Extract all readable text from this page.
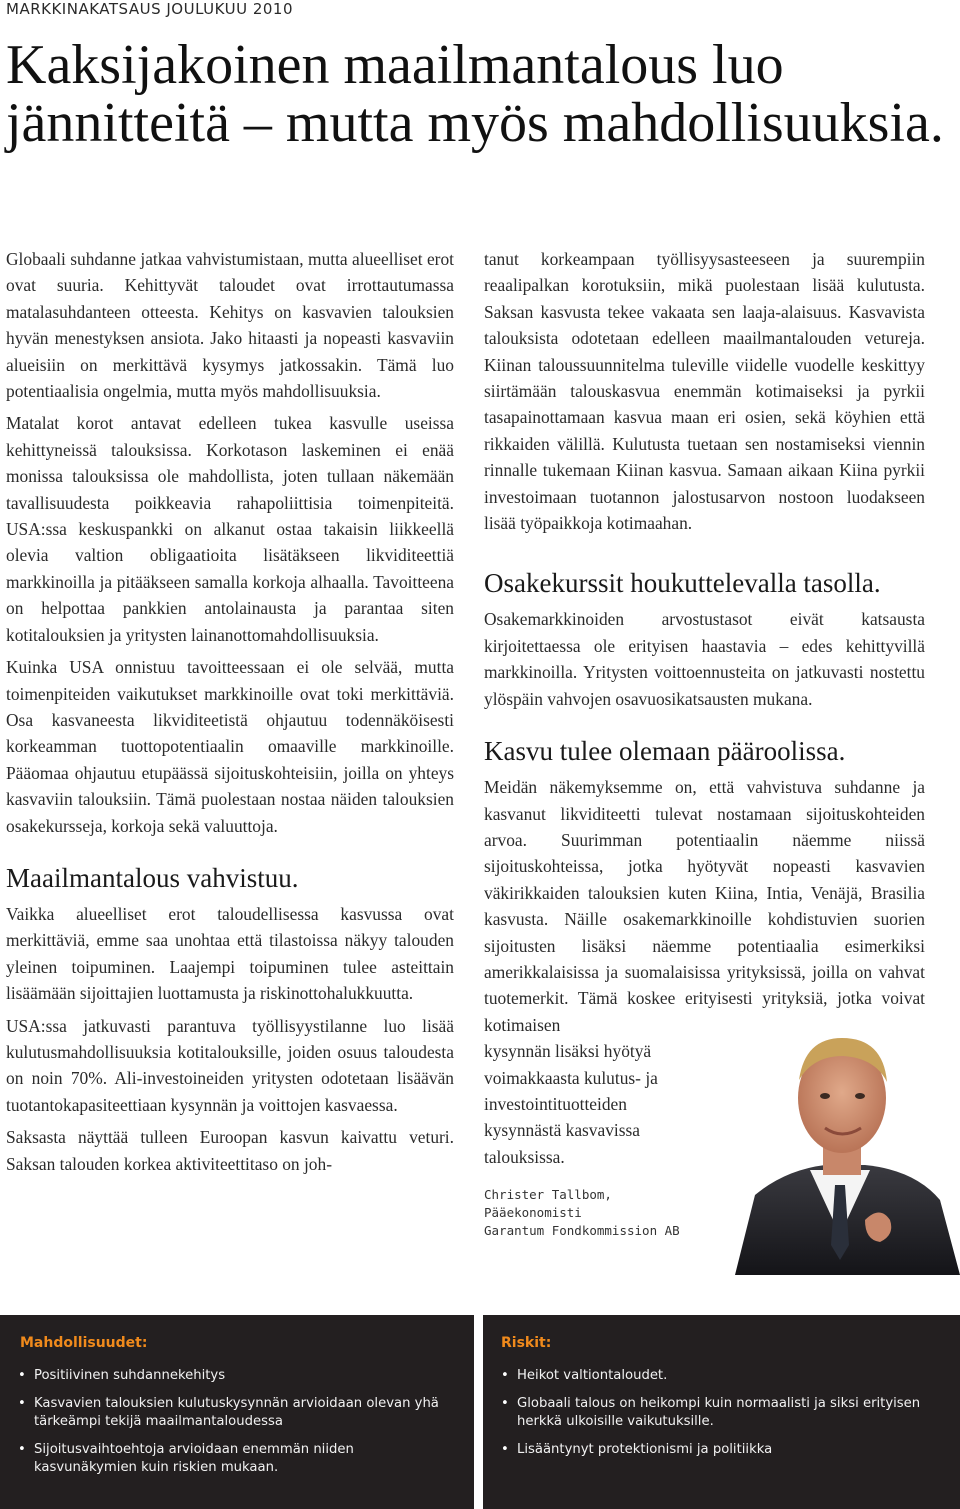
MARKKINAKATSAUS JOULUKUU 2010
Kaksijakoinen maailmantalous luo jännitteitä – mutta myös mahdollisuuksia.

Globaali suhdanne jatkaa vahvistumistaan, mutta alueelliset erot ovat suuria. Kehittyvät taloudet ovat irrottautumassa matalasuhdanteen otteesta. Kehitys on kasvavien talouksien hyvän menestyksen ansiota. Jako hitaasti ja nopeasti kasvaviin alueisiin on merkittävä kysymys jatkossakin. Tämä luo potentiaalisia ongelmia, mutta myös mahdollisuuksia.

Matalat korot antavat edelleen tukea kasvulle useissa kehittyneissä talouksissa. Korkotason laskeminen ei enää monissa talouksissa ole mahdollista, joten tullaan näkemään tavallisuudesta poikkeavia rahapoliittisia toimenpiteitä. USA:ssa keskuspankki on alkanut ostaa takaisin liikkeellä olevia valtion obligaatioita lisätäkseen likviditeettiä markkinoilla ja pitääkseen samalla korkoja alhaalla. Tavoitteena on helpottaa pankkien antolainausta ja parantaa siten kotitalouksien ja yritysten lainanottomahdollisuuksia.

Kuinka USA onnistuu tavoitteessaan ei ole selvää, mutta toimenpiteiden vaikutukset markkinoille ovat toki merkittäviä. Osa kasvaneesta likviditeetistä ohjautuu todennäköisesti korkeamman tuottopotentiaalin omaaville markkinoille. Pääomaa ohjautuu etupäässä sijoituskohteisiin, joilla on yhteys kasvaviin talouksiin. Tämä puolestaan nostaa näiden talouksien osakekursseja, korkoja sekä valuuttoja.

Maailmantalous vahvistuu.

Vaikka alueelliset erot taloudellisessa kasvussa ovat merkittäviä, emme saa unohtaa että tilastoissa näkyy talouden yleinen toipuminen. Laajempi toipuminen tulee asteittain lisäämään sijoittajien luottamusta ja riskinottohalukkuutta.

USA:ssa jatkuvasti parantuva työllisyystilanne luo lisää kulutusmahdollisuuksia kotitalouksille, joiden osuus taloudesta on noin 70%. Ali-investoineiden yritysten odotetaan lisäävän tuotantokapasiteettiaan kysynnän ja voittojen kasvaessa.

Saksasta näyttää tulleen Euroopan kasvun kaivattu veturi. Saksan talouden korkea aktiviteettitaso on joh-

tanut korkeampaan työllisyysasteeseen ja suurempiin reaalipalkan korotuksiin, mikä puolestaan lisää kulutusta. Saksan kasvusta tekee vakaata sen laaja-alaisuus. Kasvavista talouksista odotetaan edelleen maailmantalouden vetureja. Kiinan taloussuunnitelma tuleville viidelle vuodelle keskittyy siirtämään talouskasvua enemmän kotimaiseksi ja pyrkii tasapainottamaan kasvua maan eri osien, sekä köyhien että rikkaiden välillä. Kulutusta tuetaan sen nostamiseksi viennin rinnalle tukemaan Kiinan kasvua. Samaan aikaan Kiina pyrkii investoimaan tuotannon jalostusarvon nostoon luodakseen lisää työpaikkoja kotimaahan.

Osakekurssit houkuttelevalla tasolla.

Osakemarkkinoiden arvostustasot eivät katsausta kirjoitettaessa ole erityisen haastavia – edes kehittyvillä markkinoilla. Yritysten voittoennusteita on jatkuvasti nostettu ylöspäin vahvojen osavuosikatsausten mukana.

Kasvu tulee olemaan pääroolissa.

Meidän näkemyksemme on, että vahvistuva suhdanne ja kasvanut likviditeetti tulevat nostamaan sijoituskohteiden arvoa. Suurimman potentiaalin näemme niissä sijoituskohteissa, jotka hyötyvät nopeasti kasvavien väkirikkaiden talouksien kuten Kiina, Intia, Venäjä, Brasilia kasvusta. Näille osakemarkkinoille kohdistuvien suorien sijoitusten lisäksi näemme potentiaalia esimerkiksi amerikkalaisissa ja suomalaisissa yrityksissä, joilla on vahvat tuotemerkit. Tämä koskee erityisesti yrityksiä, jotka voivat kotimaisen

kysynnän lisäksi hyötyä voimakkaasta kulutus- ja investointituotteiden kysynnästä kasvavissa talouksissa.

Christer Tallbom,
Pääekonomisti
Garantum Fondkommission AB
Mahdollisuudet:
• Positiivinen suhdannekehitys
• Kasvavien talouksien kulutuskysynnän arvioidaan olevan yhä tärkeämpi tekijä maailmantaloudessa
• Sijoitusvaihtoehtoja arvioidaan enemmän niiden kasvunäkymien kuin riskien mukaan.
Riskit:
• Heikot valtiontaloudet.
• Globaali talous on heikompi kuin normaalisti ja siksi erityisen herkkä ulkoisille vaikutuksille.
• Lisääntynyt protektionismi ja politiikka
